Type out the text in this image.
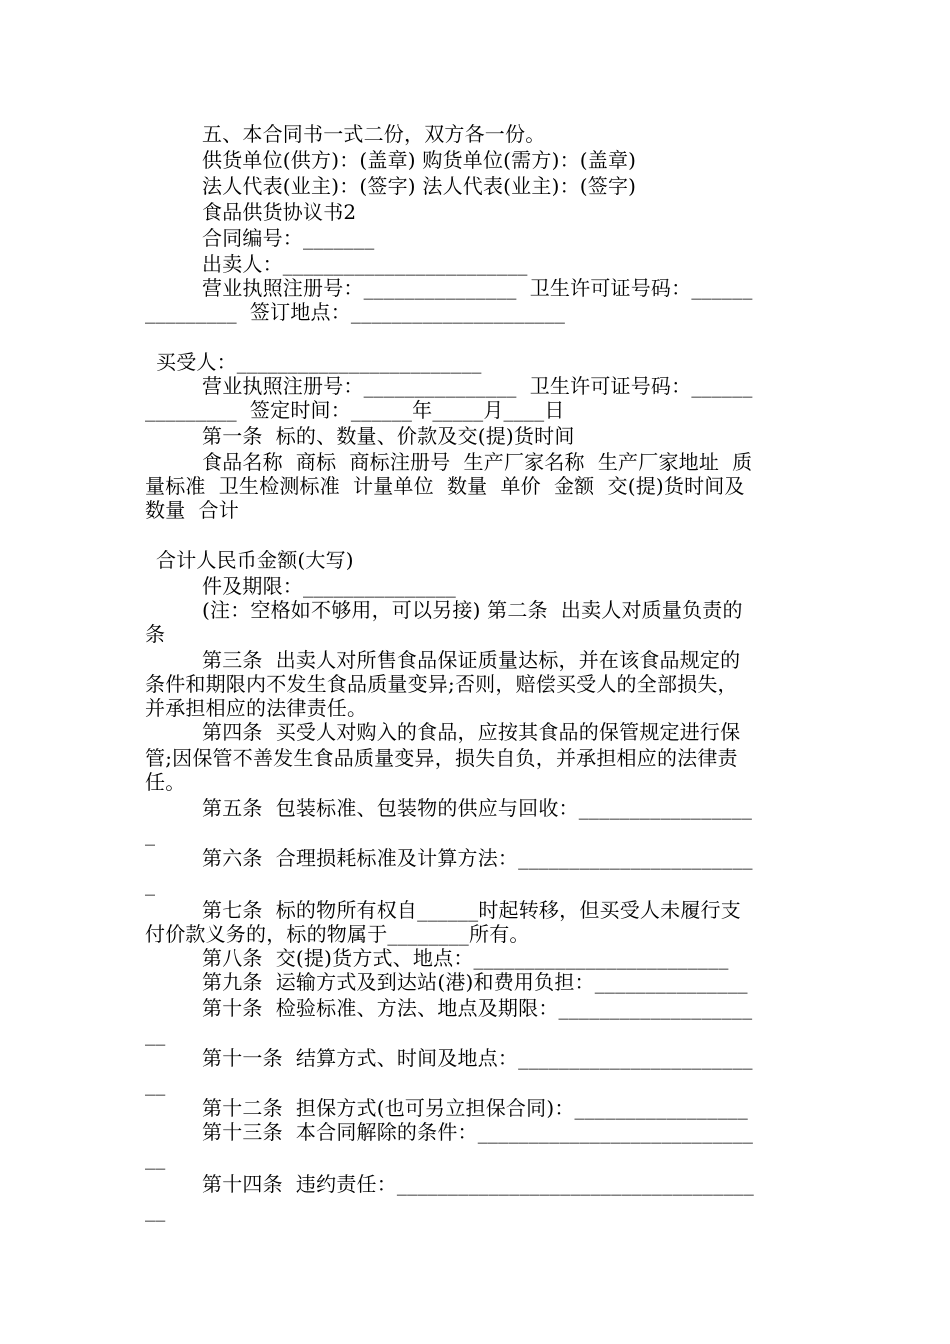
五、本合同书一式二份，双方各一份。
供货单位(供方)：(盖章) 购货单位(需方)：(盖章)
法人代表(业主)：(签字) 法人代表(业主)：(签字)
食品供货协议书2
合同编号：_______
出卖人：________________________
营业执照注册号：_______________  卫生许可证号码：______
_________  签订地点：_____________________
买受人：________________________
营业执照注册号：_______________  卫生许可证号码：______
_________  签定时间：______年_____月____日
第一条  标的、数量、价款及交(提)货时间
食品名称  商标  商标注册号  生产厂家名称  生产厂家地址  质
量标准  卫生检测标准  计量单位  数量  单价  金额  交(提)货时间及
数量  合计
合计人民币金额(大写)
件及期限：_______________
(注：空格如不够用，可以另接) 第二条  出卖人对质量负责的
条
第三条  出卖人对所售食品保证质量达标，并在该食品规定的
条件和期限内不发生食品质量变异;否则，赔偿买受人的全部损失，
并承担相应的法律责任。
第四条  买受人对购入的食品，应按其食品的保管规定进行保
管;因保管不善发生食品质量变异，损失自负，并承担相应的法律责
任。
第五条  包装标准、包装物的供应与回收：_________________
_
第六条  合理损耗标准及计算方法：_______________________
_
第七条  标的物所有权自______时起转移，但买受人未履行支
付价款义务的，标的物属于________所有。
第八条  交(提)货方式、地点：_________________________
第九条  运输方式及到达站(港)和费用负担：_______________
第十条  检验标准、方法、地点及期限：___________________
__
第十一条  结算方式、时间及地点：_______________________
__
第十二条  担保方式(也可另立担保合同)：_________________
第十三条  本合同解除的条件：___________________________
__
第十四条  违约责任：___________________________________
__
